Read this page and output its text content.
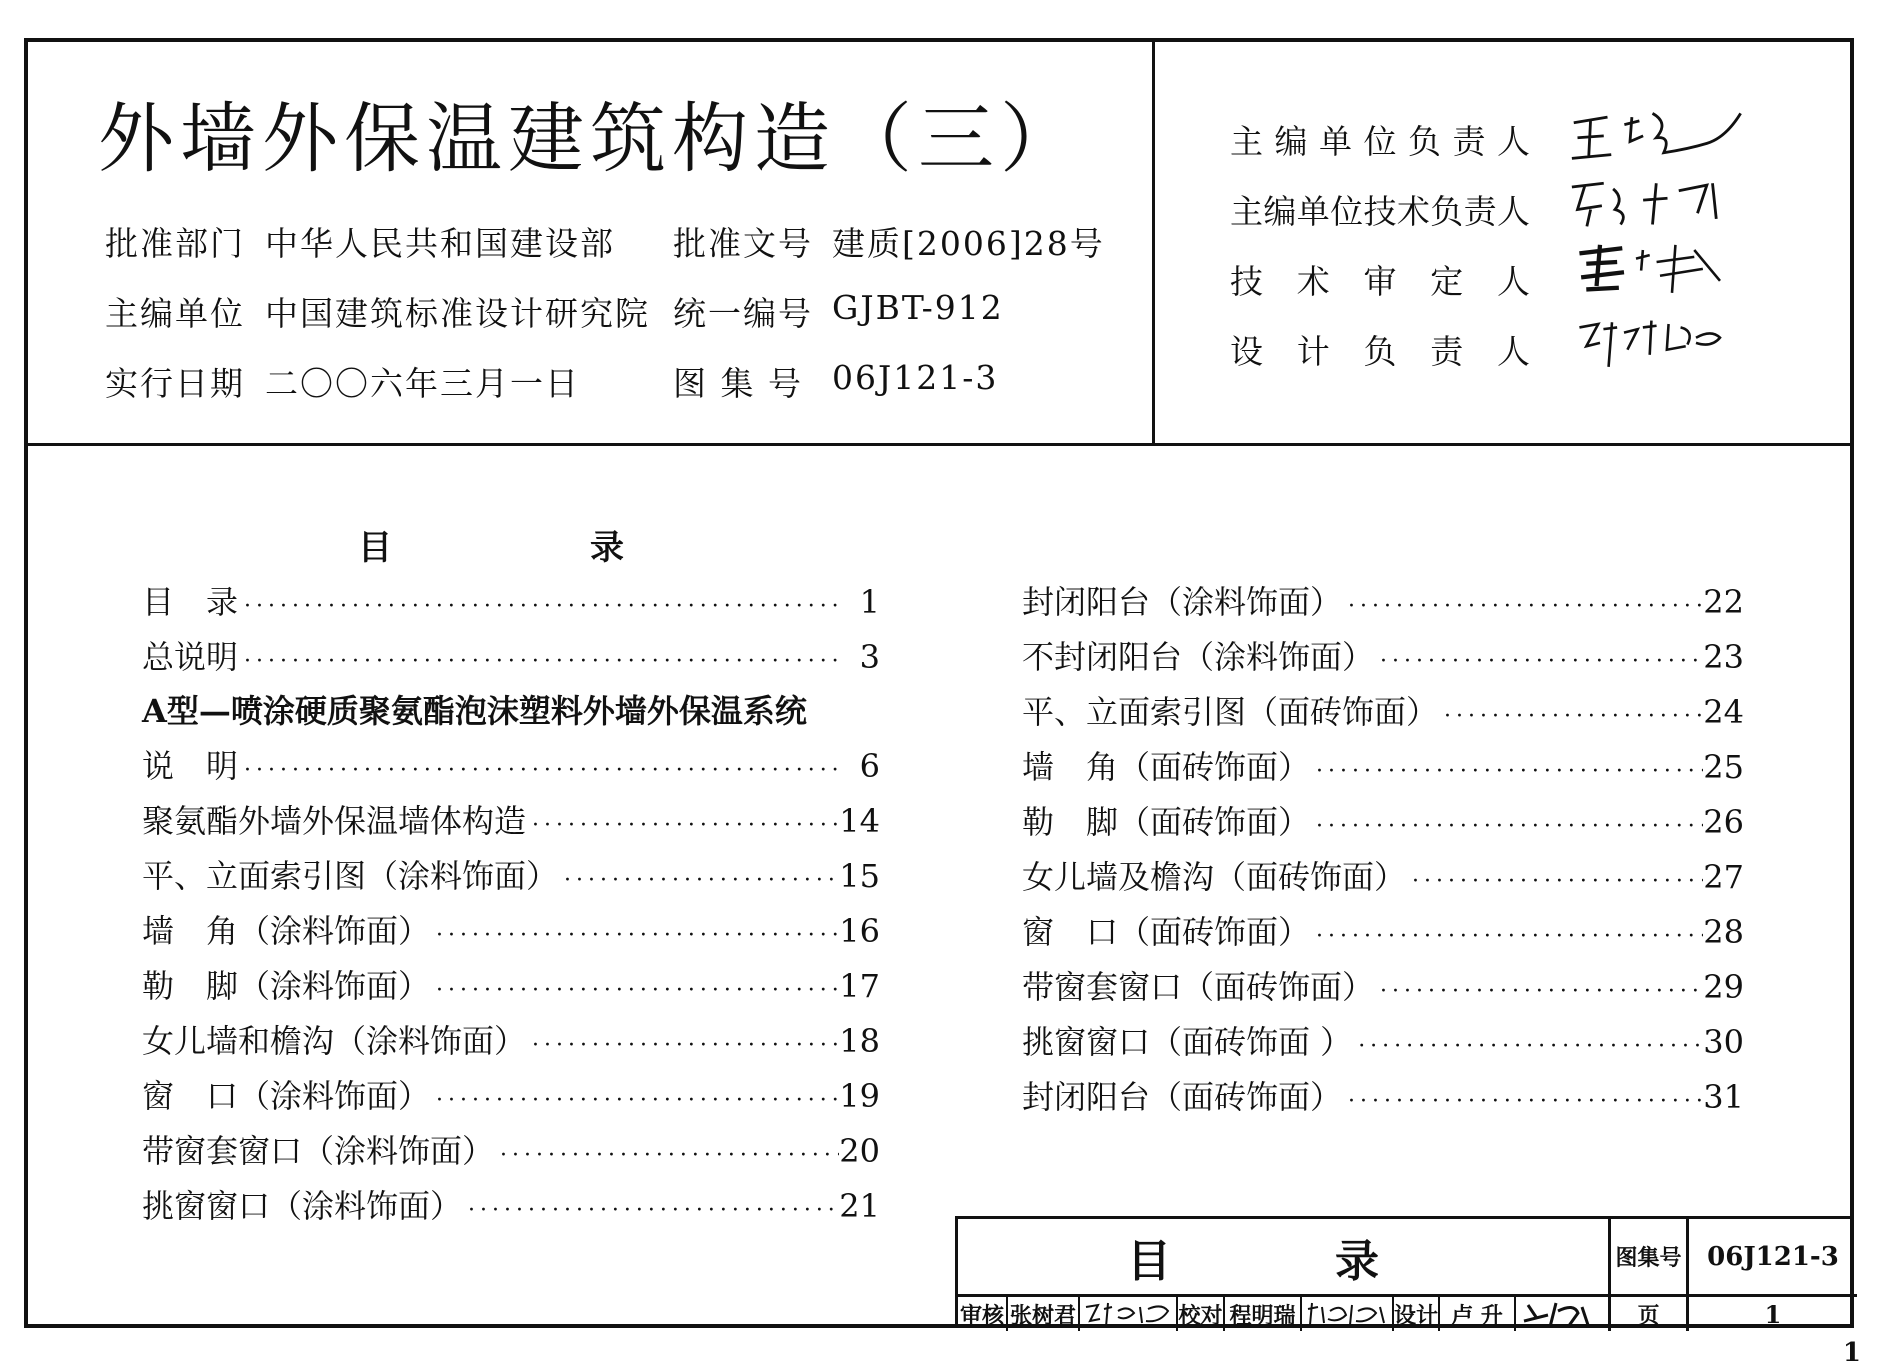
外墙外保温建筑构造（三）
批准部门 中华人民共和国建设部 批准文号 建质[2006]28号
主编单位 中国建筑标准设计研究院 统一编号 GJBT-912
实行日期 二〇〇六年三月一日	图 集 号 06J121-3
主编单位负责人
主编单位技术负责人
技术审定人
设计负责人
目	录
目　录 ·····	1
总说明 ·····	3
A型—喷涂硬质聚氨酯泡沫塑料外墙外保温系统
说　明 ·····	6
聚氨酯外墙外保温墙体构造 ·····	14
平、立面索引图（涂料饰面） ·····	15
墙　角（涂料饰面） ·····	16
勒　脚（涂料饰面） ·····	17
女儿墙和檐沟（涂料饰面） ·····	18
窗　口（涂料饰面） ·····	19
带窗套窗口（涂料饰面） ·····	20
挑窗窗口（涂料饰面） ·····	21
封闭阳台（涂料饰面） ·····	22
不封闭阳台（涂料饰面） ·····	23
平、立面索引图（面砖饰面） ·····	24
墙　角（面砖饰面） ·····	25
勒　脚（面砖饰面） ·····	26
女儿墙及檐沟（面砖饰面） ·····	27
窗　口（面砖饰面） ·····	28
带窗套窗口（面砖饰面） ·····	29
挑窗窗口（面砖饰面 ） ·····	30
封闭阳台（面砖饰面） ·····	31
目　录	图集号 06J121-3
审核 张树君	校对 程明瑞	设计 卢 升	页	1
1
